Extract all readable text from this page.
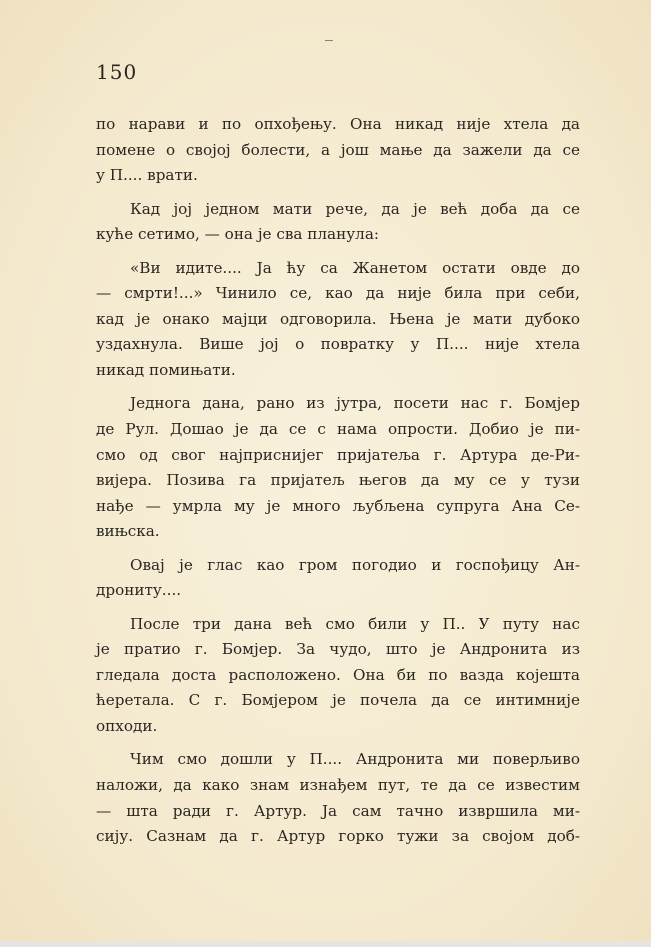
150

по нарави и по опхођењу. Она никад није хтела да
помене о својој болести, а још мање да зажели да се
у П.... врати.

Кад јој једном мати рече, да је већ доба да се
куће сетимо, — она је сва планула:

«Ви идите.... Ја ћу са Жанетом остати овде до
— смрти!...» Чинило се, као да није била при себи,
кад је онако мајци одговорила. Њена је мати дубоко
уздахнула. Више јој о повратку у П.... није хтела
никад помињати.

Једнога дана, рано из јутра, посети нас г. Бомјер
де Рул. Дошао је да се с нама опрости. Добио је пи-
смо од свог најприснијег пријатеља г. Артура де-Ри-
вијера. Позива га пријатељ његов да му се у тузи
нађе — умрла му је много љубљена супруга Ана Се-
вињска.

Овај је глас као гром погодио и госпођицу Ан-
дрониту....

После три дана већ смо били у П.. У путу нас
је пратио г. Бомјер. За чудо, што је Андронита из
гледала доста расположено. Она би по вазда којешта
ћеретала. С г. Бомјером је почела да се интимније
опходи.

Чим смо дошли у П.... Андронита ми поверљиво
наложи, да како знам изнађем пут, те да се известим
— шта ради г. Артур. Ја сам тачно извршила ми-
сију. Сазнам да г. Артур горко тужи за својом доб-
